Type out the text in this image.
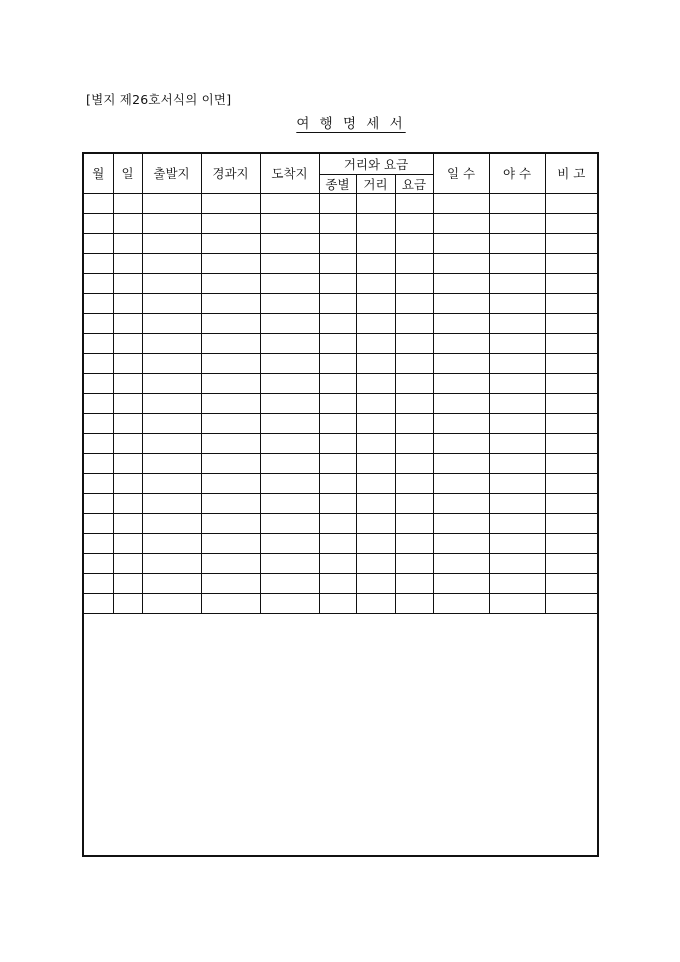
[별지 제26호서식의 이면]
여 행 명 세 서
월	일	출발지	경과지	도착지	거리와 요금			일 수	야 수	비 고
					종별	거리	요금			
